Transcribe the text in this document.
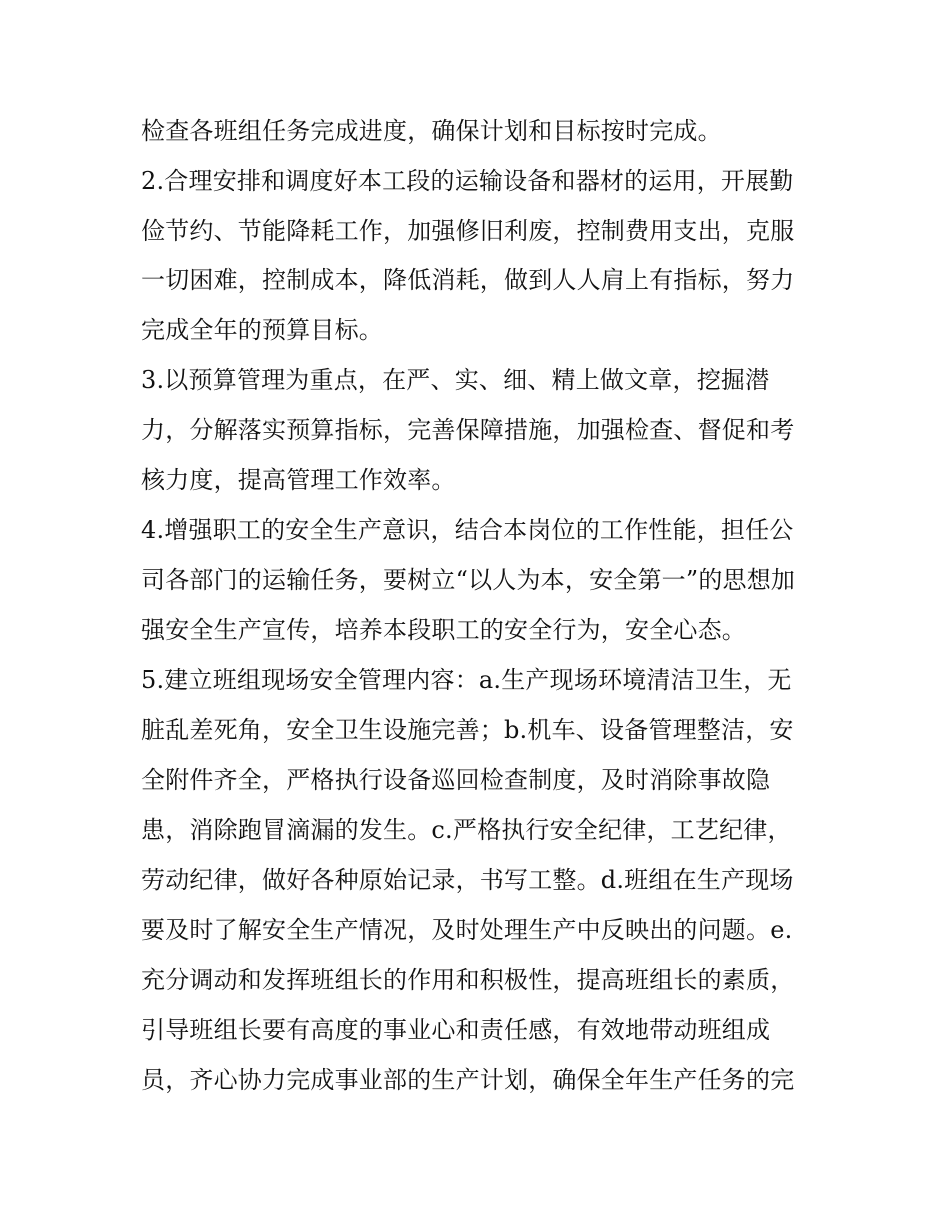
检查各班组任务完成进度，确保计划和目标按时完成。
2.合理安排和调度好本工段的运输设备和器材的运用，开展勤
俭节约、节能降耗工作，加强修旧利废，控制费用支出，克服
一切困难，控制成本，降低消耗，做到人人肩上有指标，努力
完成全年的预算目标。
3.以预算管理为重点，在严、实、细、精上做文章，挖掘潜
力，分解落实预算指标，完善保障措施，加强检查、督促和考
核力度，提高管理工作效率。
4.增强职工的安全生产意识，结合本岗位的工作性能，担任公
司各部门的运输任务，要树立“以人为本，安全第一”的思想加
强安全生产宣传，培养本段职工的安全行为，安全心态。
5.建立班组现场安全管理内容：a.生产现场环境清洁卫生，无
脏乱差死角，安全卫生设施完善；b.机车、设备管理整洁，安
全附件齐全，严格执行设备巡回检查制度，及时消除事故隐
患，消除跑冒滴漏的发生。c.严格执行安全纪律，工艺纪律，
劳动纪律，做好各种原始记录，书写工整。d.班组在生产现场
要及时了解安全生产情况，及时处理生产中反映出的问题。e.
充分调动和发挥班组长的作用和积极性，提高班组长的素质，
引导班组长要有高度的事业心和责任感，有效地带动班组成
员，齐心协力完成事业部的生产计划，确保全年生产任务的完
